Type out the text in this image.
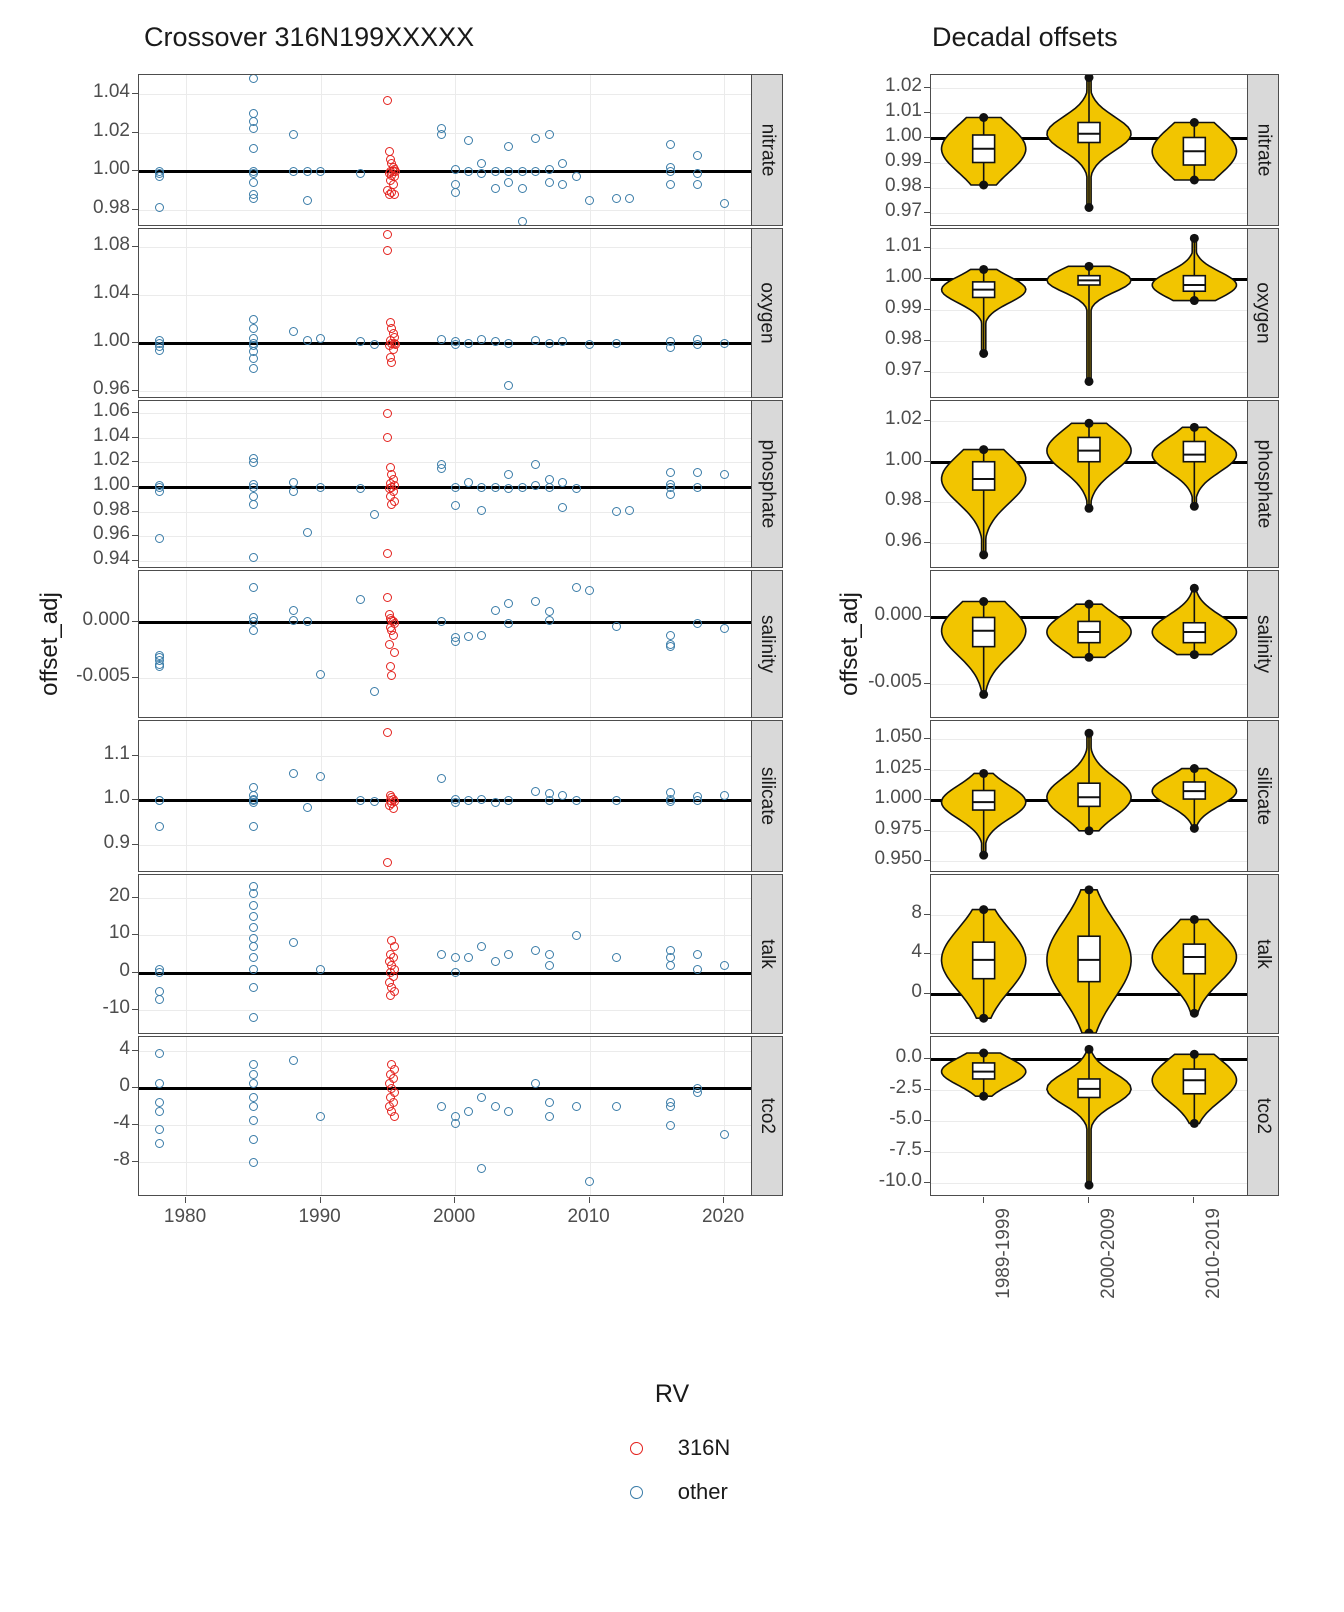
Crossover 316N199XXXXX	Decadal offsets
offset_adj	offset_adj
nitrate
1.04
1.02
1.00
0.98
oxygen
1.08
1.04
1.00
0.96
phosphate
1.06
1.04
1.02
1.00
0.98
0.96
0.94
salinity
0.000
-0.005
silicate
1.1
1.0
0.9
talk
20
10
0
-10
tco2
4
0
-4
-8
1980	1990	2000	2010	2020
nitrate
1.02
1.01
1.00
0.99
0.98
0.97
oxygen
1.01
1.00
0.99
0.98
0.97
phosphate
1.02
1.00
0.98
0.96
salinity
0.000
-0.005
silicate
1.050
1.025
1.000
0.975
0.950
talk
8
4
0
tco2
0.0
-2.5
-5.0
-7.5
-10.0
1989-1999	2000-2009	2010-2019
RV
316N
other
